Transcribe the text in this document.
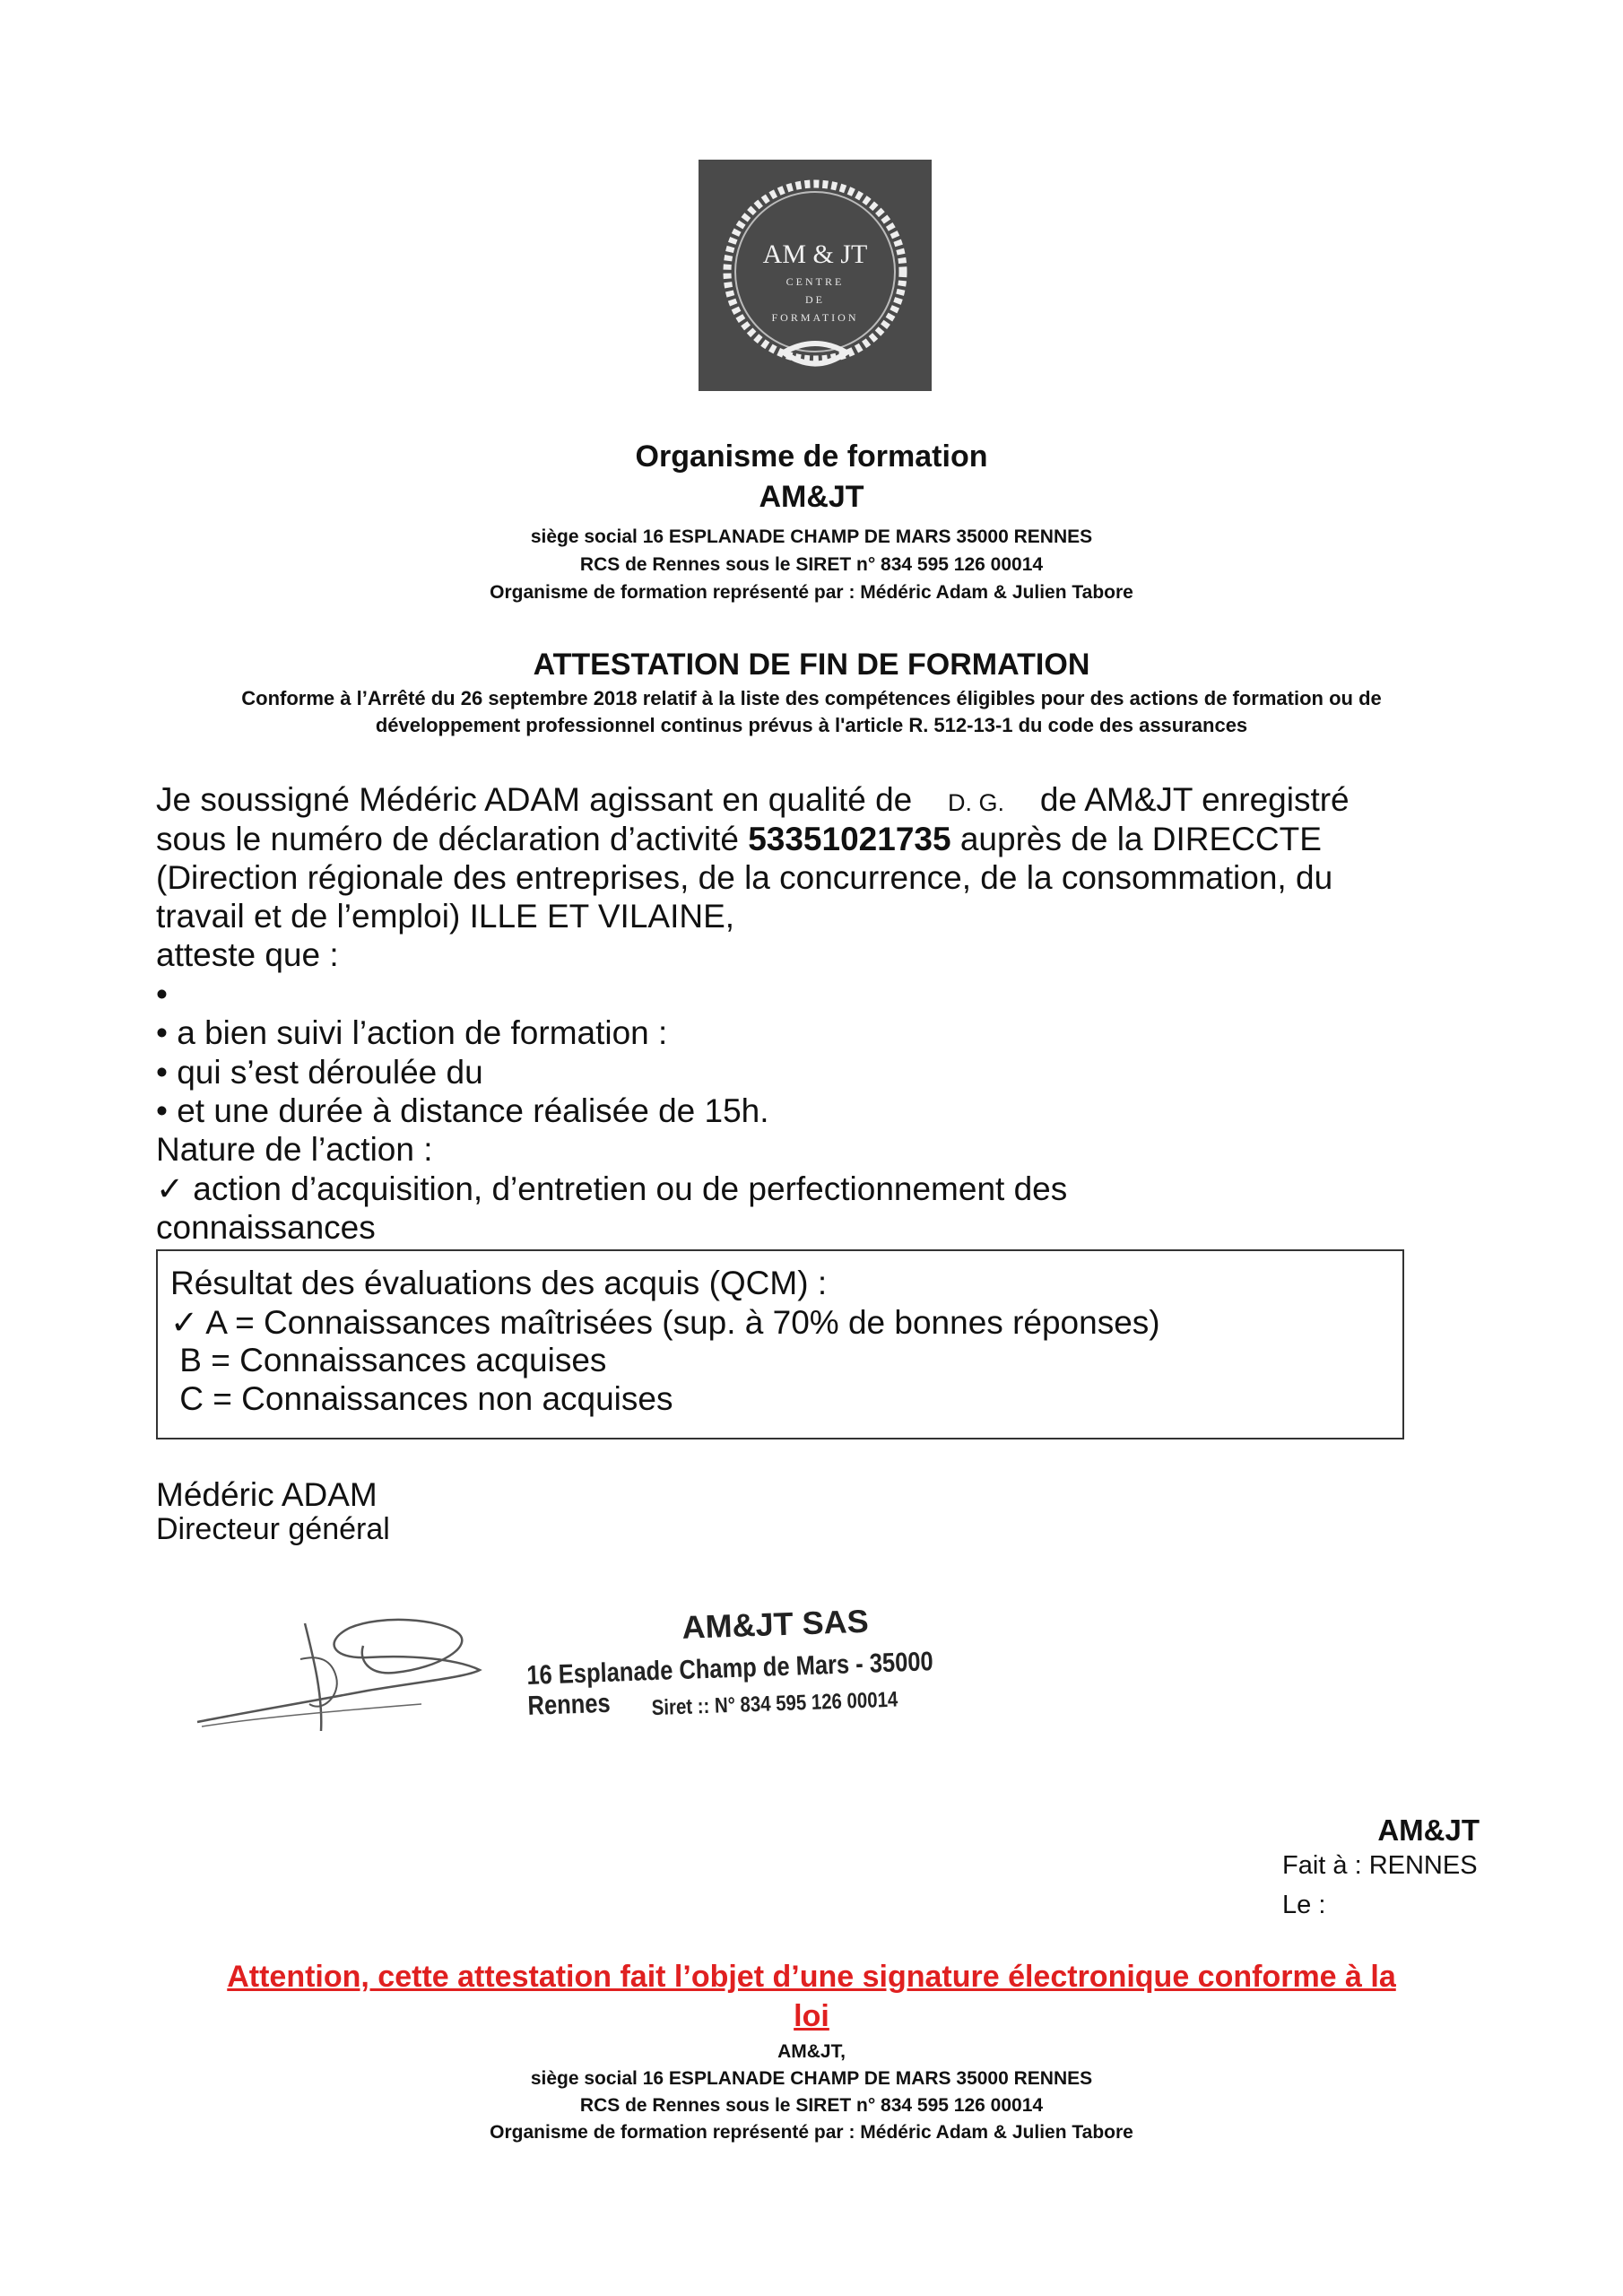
AM & JT
CENTRE
DE
FORMATION
Organisme de formation
AM&JT
siège social 16 ESPLANADE CHAMP DE MARS 35000 RENNES
RCS de Rennes sous le SIRET n° 834 595 126 00014
Organisme de formation représenté par : Médéric Adam & Julien Tabore
ATTESTATION DE FIN DE FORMATION
Conforme à l’Arrêté du 26 septembre 2018 relatif à la liste des compétences éligibles pour des actions de formation ou de
développement professionnel continus prévus à l'article R. 512-13-1 du code des assurances
Je soussigné Médéric ADAM agissant en qualité de D. G. de AM&JT enregistré
sous le numéro de déclaration d’activité 53351021735 auprès de la DIRECCTE
(Direction régionale des entreprises, de la concurrence, de la consommation, du
travail et de l’emploi) ILLE ET VILAINE,
atteste que :
•
• a bien suivi l’action de formation :
• qui s’est déroulée du
• et une durée à distance réalisée de 15h.
Nature de l’action :
✓ action d’acquisition, d’entretien ou de perfectionnement des
connaissances
Résultat des évaluations des acquis (QCM) :
✓ A = Connaissances maîtrisées (sup. à 70% de bonnes réponses)
B = Connaissances acquises
C = Connaissances non acquises
Médéric ADAM
Directeur général
AM&JT SAS
16 Esplanade Champ de Mars - 35000 Rennes	Siret :: N° 834 595 126 00014
AM&JT
Fait à : RENNES
Le :
Attention, cette attestation fait l’objet d’une signature électronique conforme à la
loi
AM&JT,
siège social 16 ESPLANADE CHAMP DE MARS 35000 RENNES
RCS de Rennes sous le SIRET n° 834 595 126 00014
Organisme de formation représenté par : Médéric Adam & Julien Tabore
